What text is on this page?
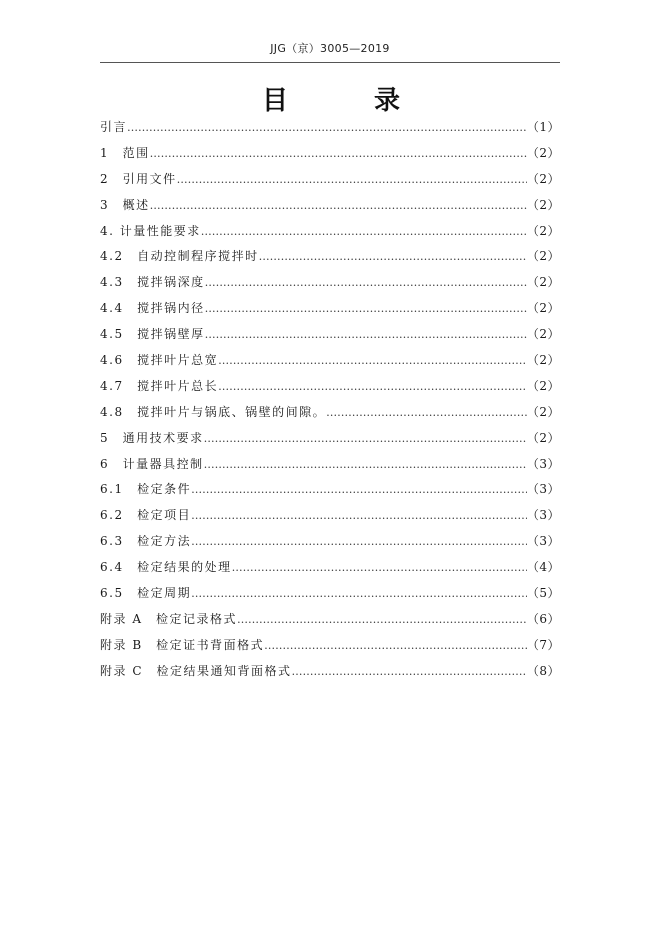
JJG（京）3005—2019
目　录
引言 …………………………………………………………………………………………………………………………………………………………………………………	（1）
1　范围 …………………………………………………………………………………………………………………………………………………………………………………	（2）
2　引用文件 …………………………………………………………………………………………………………………………………………………………………………………	（2）
3　概述 …………………………………………………………………………………………………………………………………………………………………………………	（2）
4. 计量性能要求 …………………………………………………………………………………………………………………………………………………………………………………	（2）
4.2　自动控制程序搅拌时 …………………………………………………………………………………………………………………………………………………………………………………	（2）
4.3　搅拌锅深度 …………………………………………………………………………………………………………………………………………………………………………………	（2）
4.4　搅拌锅内径 …………………………………………………………………………………………………………………………………………………………………………………	（2）
4.5　搅拌锅壁厚 …………………………………………………………………………………………………………………………………………………………………………………	（2）
4.6　搅拌叶片总宽 …………………………………………………………………………………………………………………………………………………………………………………	（2）
4.7　搅拌叶片总长 …………………………………………………………………………………………………………………………………………………………………………………	（2）
4.8　搅拌叶片与锅底、锅壁的间隙。 …………………………………………………………………………………………………………………………………………………………………………………	（2）
5　通用技术要求 …………………………………………………………………………………………………………………………………………………………………………………	（2）
6　计量器具控制 …………………………………………………………………………………………………………………………………………………………………………………	（3）
6.1　检定条件 …………………………………………………………………………………………………………………………………………………………………………………	（3）
6.2　检定项目 …………………………………………………………………………………………………………………………………………………………………………………	（3）
6.3　检定方法 …………………………………………………………………………………………………………………………………………………………………………………	（3）
6.4　检定结果的处理 …………………………………………………………………………………………………………………………………………………………………………………	（4）
6.5　检定周期 …………………………………………………………………………………………………………………………………………………………………………………	（5）
附录 A　检定记录格式 …………………………………………………………………………………………………………………………………………………………………………………	（6）
附录 B　检定证书背面格式 …………………………………………………………………………………………………………………………………………………………………………………	（7）
附录 C　检定结果通知背面格式 …………………………………………………………………………………………………………………………………………………………………………………	（8）
